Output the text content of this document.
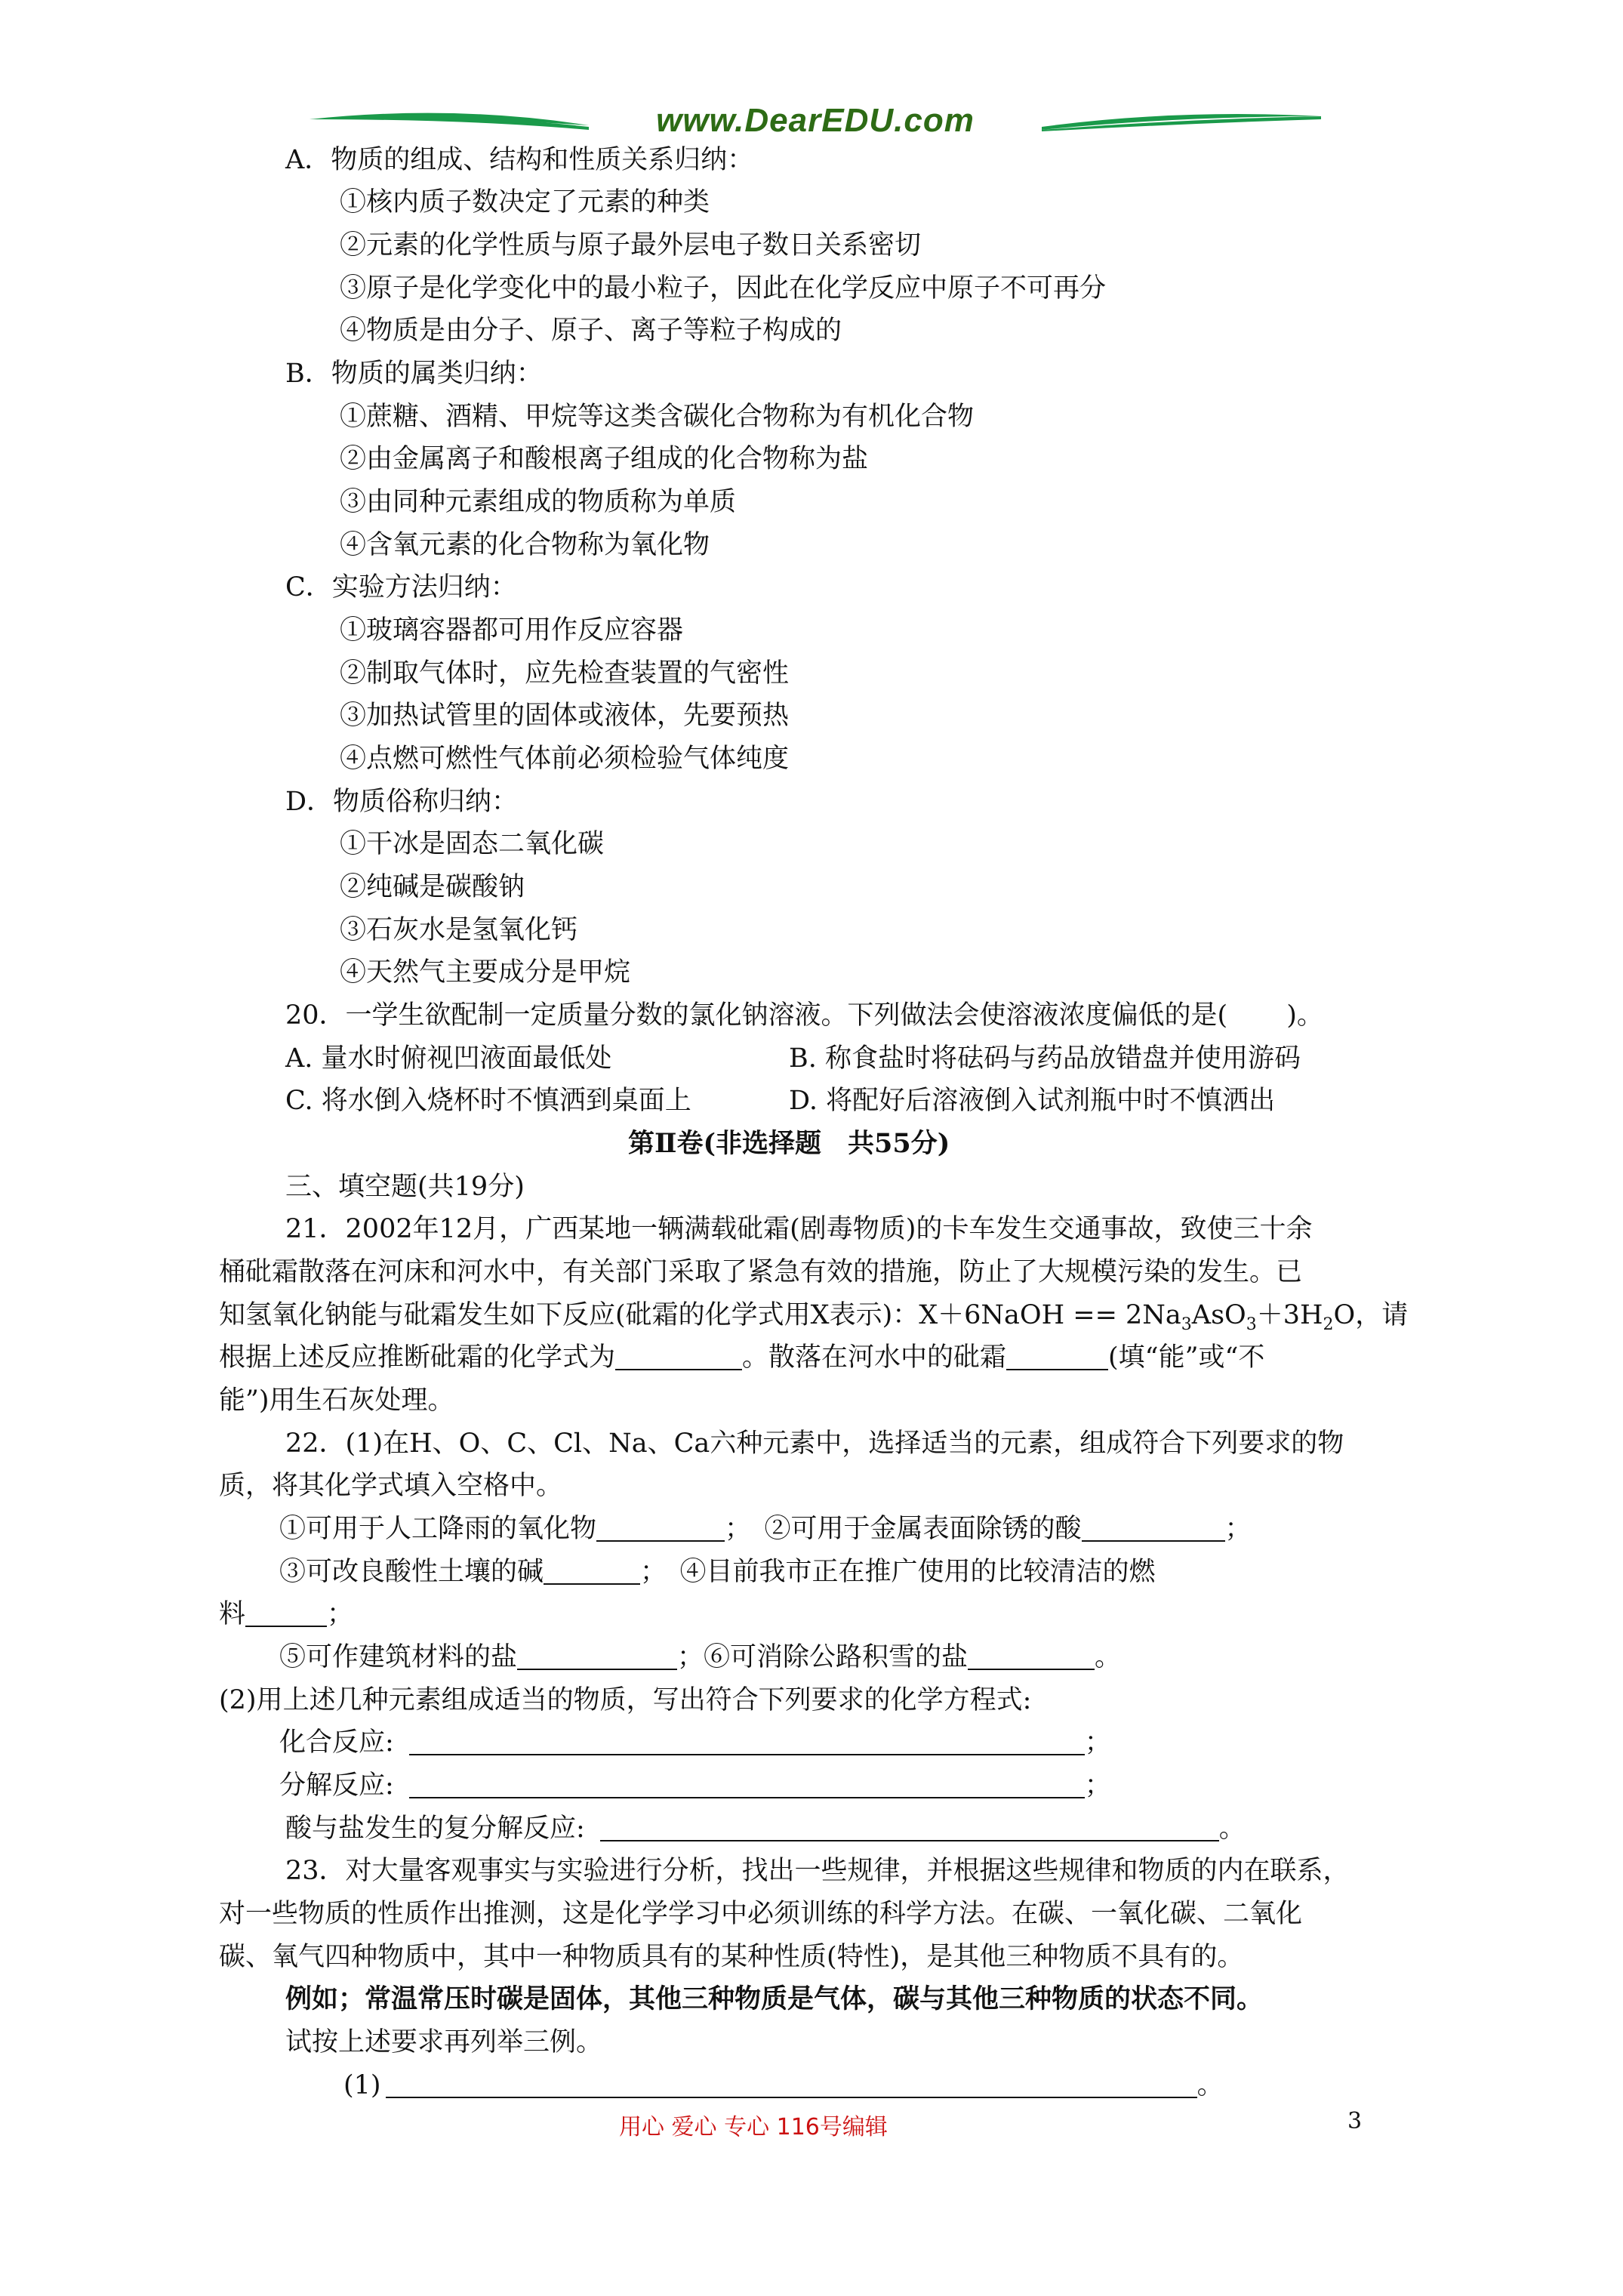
www.DearEDU.com
A．物质的组成、结构和性质关系归纳：
①核内质子数决定了元素的种类
②元素的化学性质与原子最外层电子数日关系密切
③原子是化学变化中的最小粒子，因此在化学反应中原子不可再分
④物质是由分子、原子、离子等粒子构成的
B．物质的属类归纳：
①蔗糖、酒精、甲烷等这类含碳化合物称为有机化合物
②由金属离子和酸根离子组成的化合物称为盐
③由同种元素组成的物质称为单质
④含氧元素的化合物称为氧化物
C．实验方法归纳：
①玻璃容器都可用作反应容器
②制取气体时，应先检查装置的气密性
③加热试管里的固体或液体，先要预热
④点燃可燃性气体前必须检验气体纯度
D．物质俗称归纳：
①干冰是固态二氧化碳
②纯碱是碳酸钠
③石灰水是氢氧化钙
④天然气主要成分是甲烷
20．一学生欲配制一定质量分数的氯化钠溶液。下列做法会使溶液浓度偏低的是( )。
A. 量水时俯视凹液面最低处	B. 称食盐时将砝码与药品放错盘并使用游码
C. 将水倒入烧杯时不慎洒到桌面上	D. 将配好后溶液倒入试剂瓶中时不慎洒出
第Ⅱ卷(非选择题　共55分)
三、填空题(共19分)
21．2002年12月，广西某地一辆满载砒霜(剧毒物质)的卡车发生交通事故，致使三十余
桶砒霜散落在河床和河水中，有关部门采取了紧急有效的措施，防止了大规模污染的发生。已
知氢氧化钠能与砒霜发生如下反应(砒霜的化学式用X表示)：X＋6NaOH == $2Na_3AsO_3+3H_2O$，请
根据上述反应推断砒霜的化学式为	。散落在河水中的砒霜	(填“能”或“不
能”)用生石灰处理。
22．(1)在H、O、C、Cl、Na、Ca六种元素中，选择适当的元素，组成符合下列要求的物
质，将其化学式填入空格中。
①可用于人工降雨的氧化物	；　②可用于金属表面除锈的酸	；
③可改良酸性土壤的碱	；　④目前我市正在推广使用的比较清洁的燃
料	；
⑤可作建筑材料的盐	；⑥可消除公路积雪的盐	。
(2)用上述几种元素组成适当的物质，写出符合下列要求的化学方程式:
化合反应:	；
分解反应:	；
酸与盐发生的复分解反应:	。
23．对大量客观事实与实验进行分析，找出一些规律，并根据这些规律和物质的内在联系，
对一些物质的性质作出推测，这是化学学习中必须训练的科学方法。在碳、一氧化碳、二氧化
碳、氧气四种物质中，其中一种物质具有的某种性质(特性)，是其他三种物质不具有的。
例如；常温常压时碳是固体，其他三种物质是气体，碳与其他三种物质的状态不同。
试按上述要求再列举三例。
(1)	。
用心 爱心 专心 116号编辑	3
